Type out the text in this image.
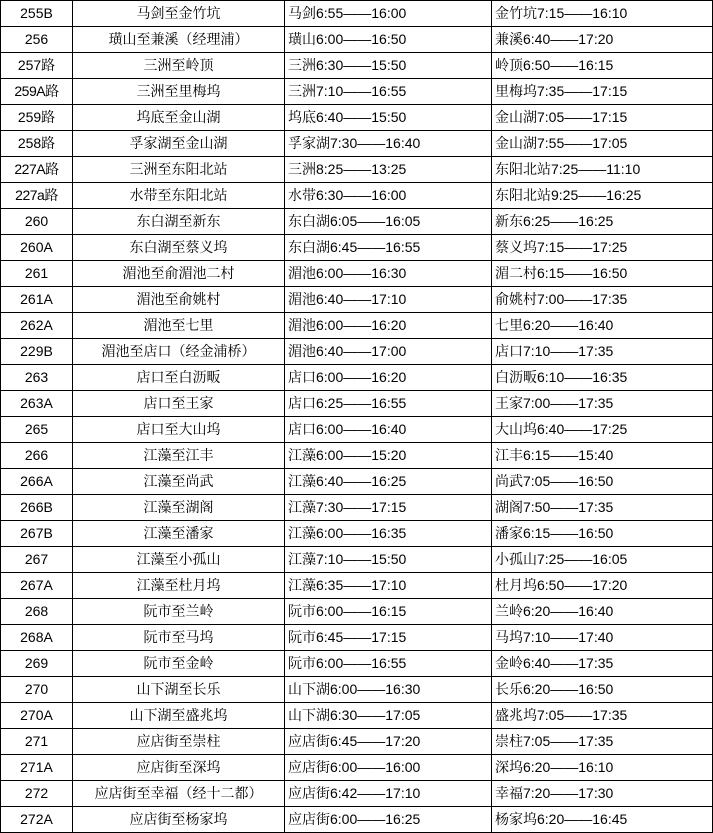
255B	马剑至金竹坑	马剑6:55——16:00	金竹坑7:15——16:10
256	璜山至兼溪（经理浦）	璜山6:00——16:50	兼溪6:40——17:20
257路	三洲至岭顶	三洲6:30——15:50	岭顶6:50——16:15
259A路	三洲至里梅坞	三洲7:10——16:55	里梅坞7:35——17:15
259路	坞底至金山湖	坞底6:40——15:50	金山湖7:05——17:15
258路	孚家湖至金山湖	孚家湖7:30——16:40	金山湖7:55——17:05
227A路	三洲至东阳北站	三洲8:25——13:25	东阳北站7:25——11:10
227a路	水带至东阳北站	水带6:30——16:00	东阳北站9:25——16:25
260	东白湖至新东	东白湖6:05——16:05	新东6:25——16:25
260A	东白湖至蔡义坞	东白湖6:45——16:55	蔡义坞7:15——17:25
261	湄池至俞湄池二村	湄池6:00——16:30	湄二村6:15——16:50
261A	湄池至俞姚村	湄池6:40——17:10	俞姚村7:00——17:35
262A	湄池至七里	湄池6:00——16:20	七里6:20——16:40
229B	湄池至店口（经金浦桥）	湄池6:40——17:00	店口7:10——17:35
263	店口至白沥畈	店口6:00——16:20	白沥畈6:10——16:35
263A	店口至王家	店口6:25——16:55	王家7:00——17:35
265	店口至大山坞	店口6:00——16:40	大山坞6:40——17:25
266	江藻至江丰	江藻6:00——15:20	江丰6:15——15:40
266A	江藻至尚武	江藻6:40——16:25	尚武7:05——16:50
266B	江藻至湖阁	江藻7:30——17:15	湖阁7:50——17:35
267B	江藻至潘家	江藻6:00——16:35	潘家6:15——16:50
267	江藻至小孤山	江藻7:10——15:50	小孤山7:25——16:05
267A	江藻至杜月坞	江藻6:35——17:10	杜月坞6:50——17:20
268	阮市至兰岭	阮市6:00——16:15	兰岭6:20——16:40
268A	阮市至马坞	阮市6:45——17:15	马坞7:10——17:40
269	阮市至金岭	阮市6:00——16:55	金岭6:40——17:35
270	山下湖至长乐	山下湖6:00——16:30	长乐6:20——16:50
270A	山下湖至盛兆坞	山下湖6:30——17:05	盛兆坞7:05——17:35
271	应店街至崇柱	应店街6:45——17:20	崇柱7:05——17:35
271A	应店街至深坞	应店街6:00——16:00	深坞6:20——16:10
272	应店街至幸福（经十二都）	应店街6:42——17:10	幸福7:20——17:30
272A	应店街至杨家坞	应店街6:00——16:25	杨家坞6:20——16:45
